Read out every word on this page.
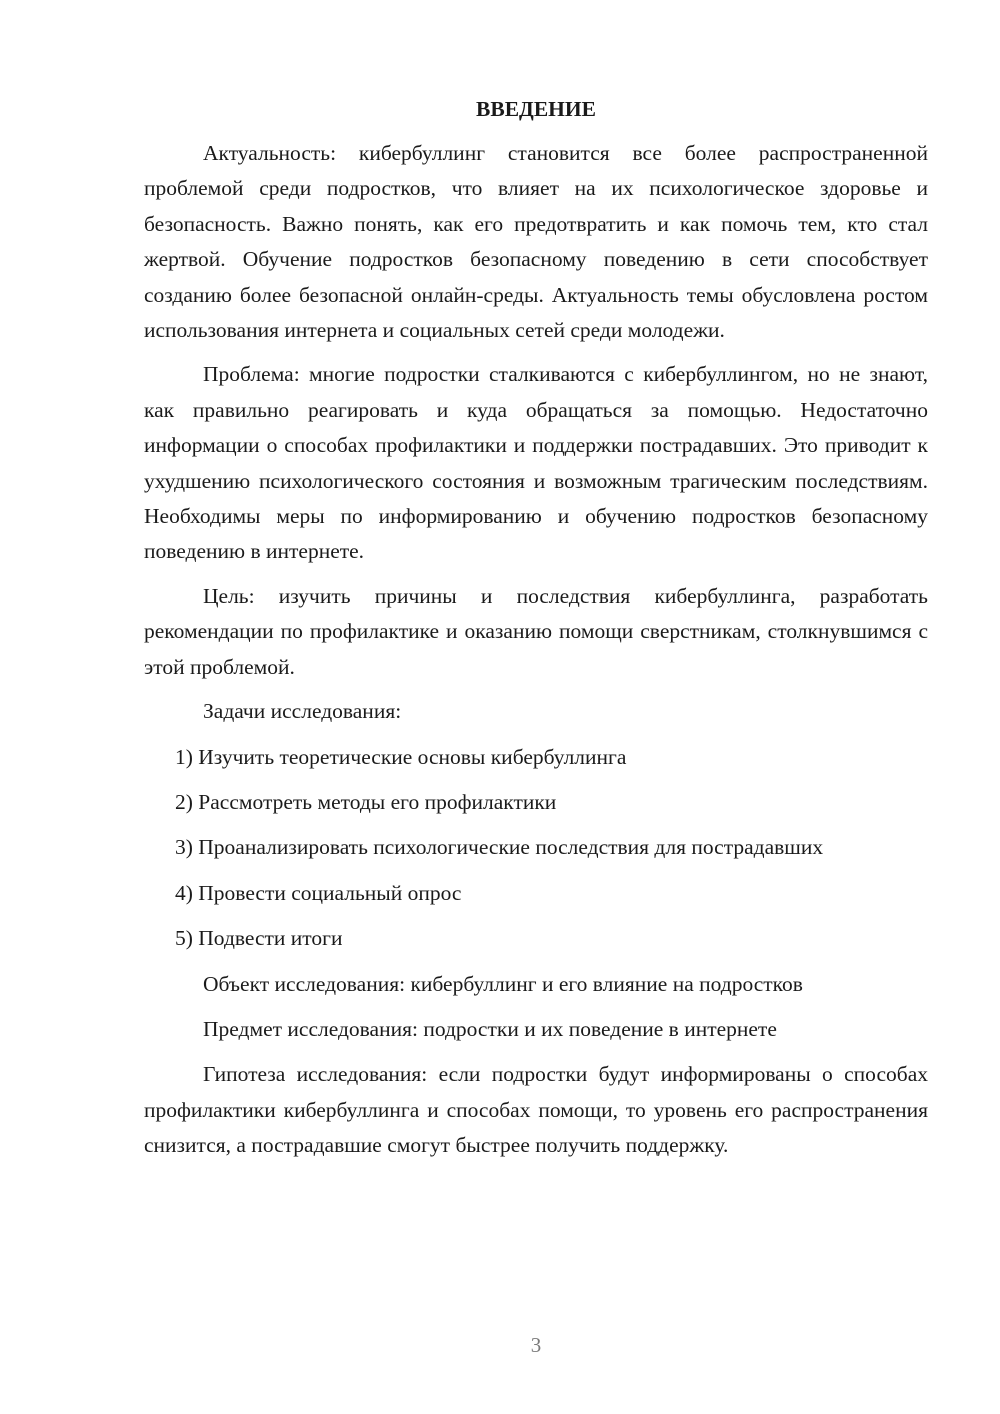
ВВЕДЕНИЕ

Актуальность: кибербуллинг становится все более распространенной проблемой среди подростков, что влияет на их психологическое здоровье и безопасность. Важно понять, как его предотвратить и как помочь тем, кто стал жертвой. Обучение подростков безопасному поведению в сети способствует созданию более безопасной онлайн-среды. Актуальность темы обусловлена ростом использования интернета и социальных сетей среди молодежи.

Проблема: многие подростки сталкиваются с кибербуллингом, но не знают, как правильно реагировать и куда обращаться за помощью. Недостаточно информации о способах профилактики и поддержки пострадавших. Это приводит к ухудшению психологического состояния и возможным трагическим последствиям. Необходимы меры по информированию и обучению подростков безопасному поведению в интернете.

Цель: изучить причины и последствия кибербуллинга, разработать рекомендации по профилактике и оказанию помощи сверстникам, столкнувшимся с этой проблемой.

Задачи исследования:

1) Изучить теоретические основы кибербуллинга
2) Рассмотреть методы его профилактики
3) Проанализировать психологические последствия для пострадавших
4) Провести социальный опрос
5) Подвести итоги

Объект исследования: кибербуллинг и его влияние на подростков

Предмет исследования: подростки и их поведение в интернете

Гипотеза исследования: если подростки будут информированы о способах профилактики кибербуллинга и способах помощи, то уровень его распространения снизится, а пострадавшие смогут быстрее получить поддержку.

3
